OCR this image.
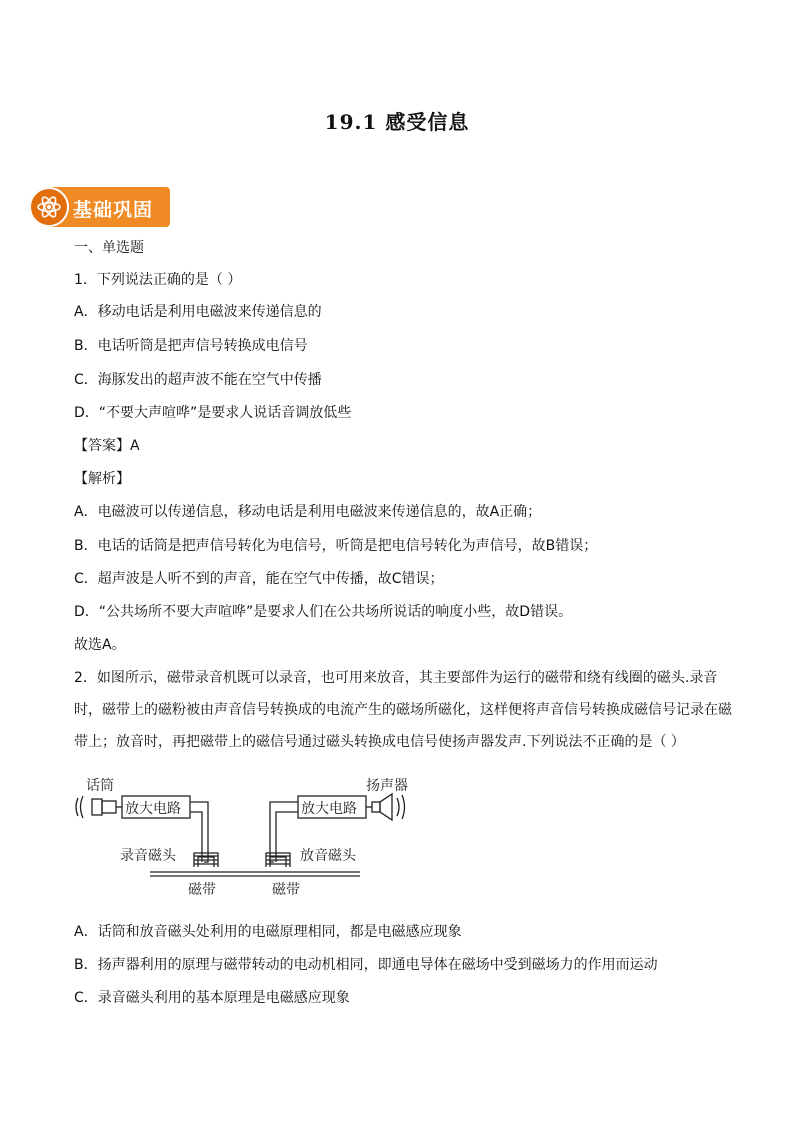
19.1 感受信息
基础巩固
一、单选题
1．下列说法正确的是（ ）
A．移动电话是利用电磁波来传递信息的
B．电话听筒是把声信号转换成电信号
C．海豚发出的超声波不能在空气中传播
D．“不要大声喧哗”是要求人说话音调放低些
【答案】A
【解析】
A．电磁波可以传递信息，移动电话是利用电磁波来传递信息的，故A正确；
B．电话的话筒是把声信号转化为电信号，听筒是把电信号转化为声信号，故B错误；
C．超声波是人听不到的声音，能在空气中传播，故C错误；
D．“公共场所不要大声喧哗”是要求人们在公共场所说话的响度小些，故D错误。
故选A。
2．如图所示，磁带录音机既可以录音，也可用来放音，其主要部件为运行的磁带和绕有线圈的磁头.录音时，磁带上的磁粉被由声音信号转换成的电流产生的磁场所磁化，这样便将声音信号转换成磁信号记录在磁带上；放音时，再把磁带上的磁信号通过磁头转换成电信号使扬声器发声.下列说法不正确的是（ ）
话筒
放大电路
录音磁头
磁带
扬声器
放大电路
放音磁头
磁带
A．话筒和放音磁头处利用的电磁原理相同，都是电磁感应现象
B．扬声器利用的原理与磁带转动的电动机相同，即通电导体在磁场中受到磁场力的作用而运动
C．录音磁头利用的基本原理是电磁感应现象
